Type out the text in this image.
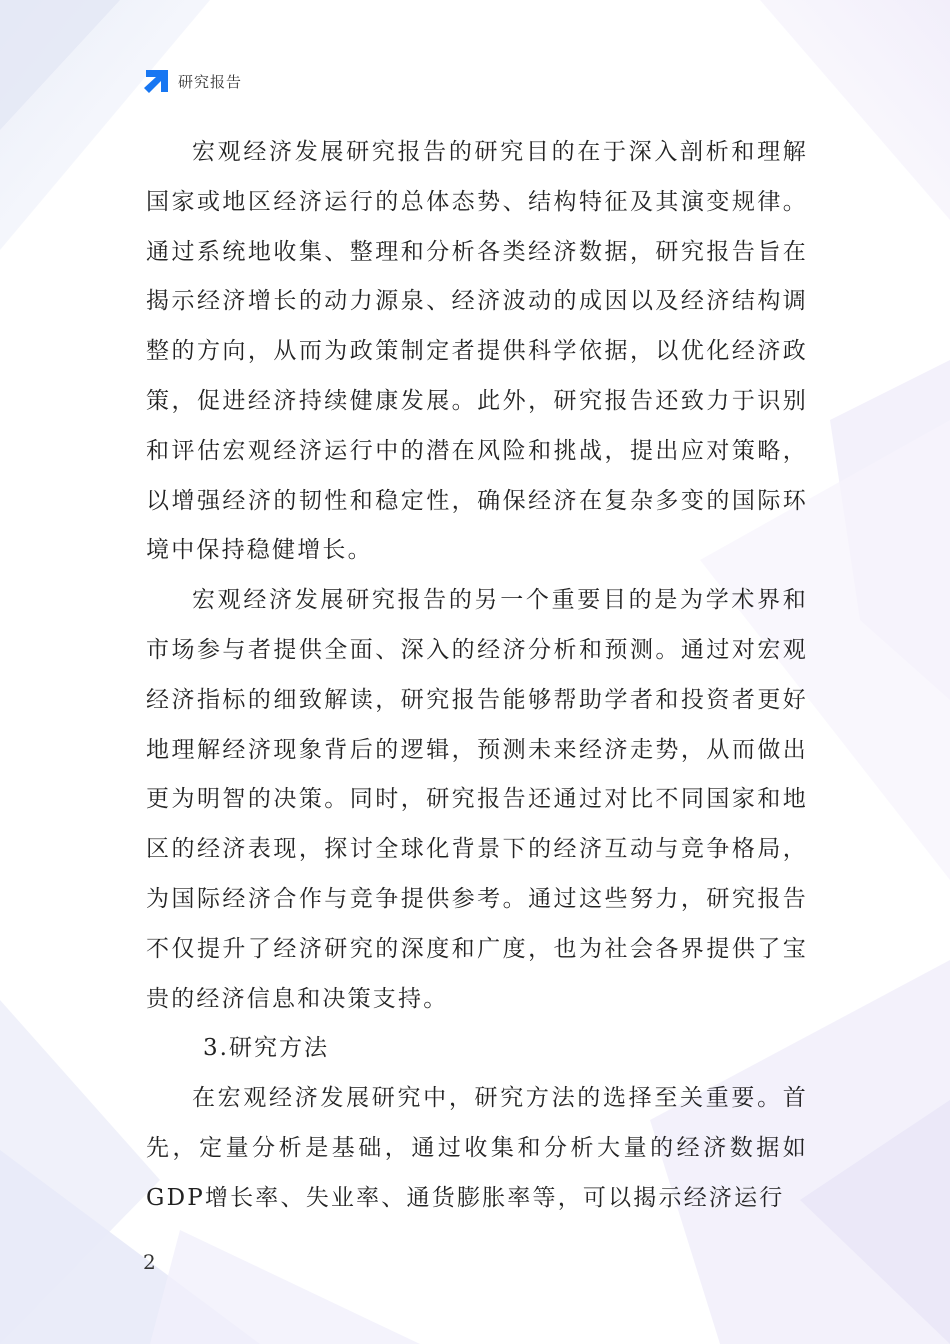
研究报告

宏观经济发展研究报告的研究目的在于深入剖析和理解国家或地区经济运行的总体态势、结构特征及其演变规律。通过系统地收集、整理和分析各类经济数据，研究报告旨在揭示经济增长的动力源泉、经济波动的成因以及经济结构调整的方向，从而为政策制定者提供科学依据，以优化经济政策，促进经济持续健康发展。此外，研究报告还致力于识别和评估宏观经济运行中的潜在风险和挑战，提出应对策略，以增强经济的韧性和稳定性，确保经济在复杂多变的国际环境中保持稳健增长。

宏观经济发展研究报告的另一个重要目的是为学术界和市场参与者提供全面、深入的经济分析和预测。通过对宏观经济指标的细致解读，研究报告能够帮助学者和投资者更好地理解经济现象背后的逻辑，预测未来经济走势，从而做出更为明智的决策。同时，研究报告还通过对比不同国家和地区的经济表现，探讨全球化背景下的经济互动与竞争格局，为国际经济合作与竞争提供参考。通过这些努力，研究报告不仅提升了经济研究的深度和广度，也为社会各界提供了宝贵的经济信息和决策支持。

3.研究方法

在宏观经济发展研究中，研究方法的选择至关重要。首先，定量分析是基础，通过收集和分析大量的经济数据如GDP增长率、失业率、通货膨胀率等，可以揭示经济运行

2
